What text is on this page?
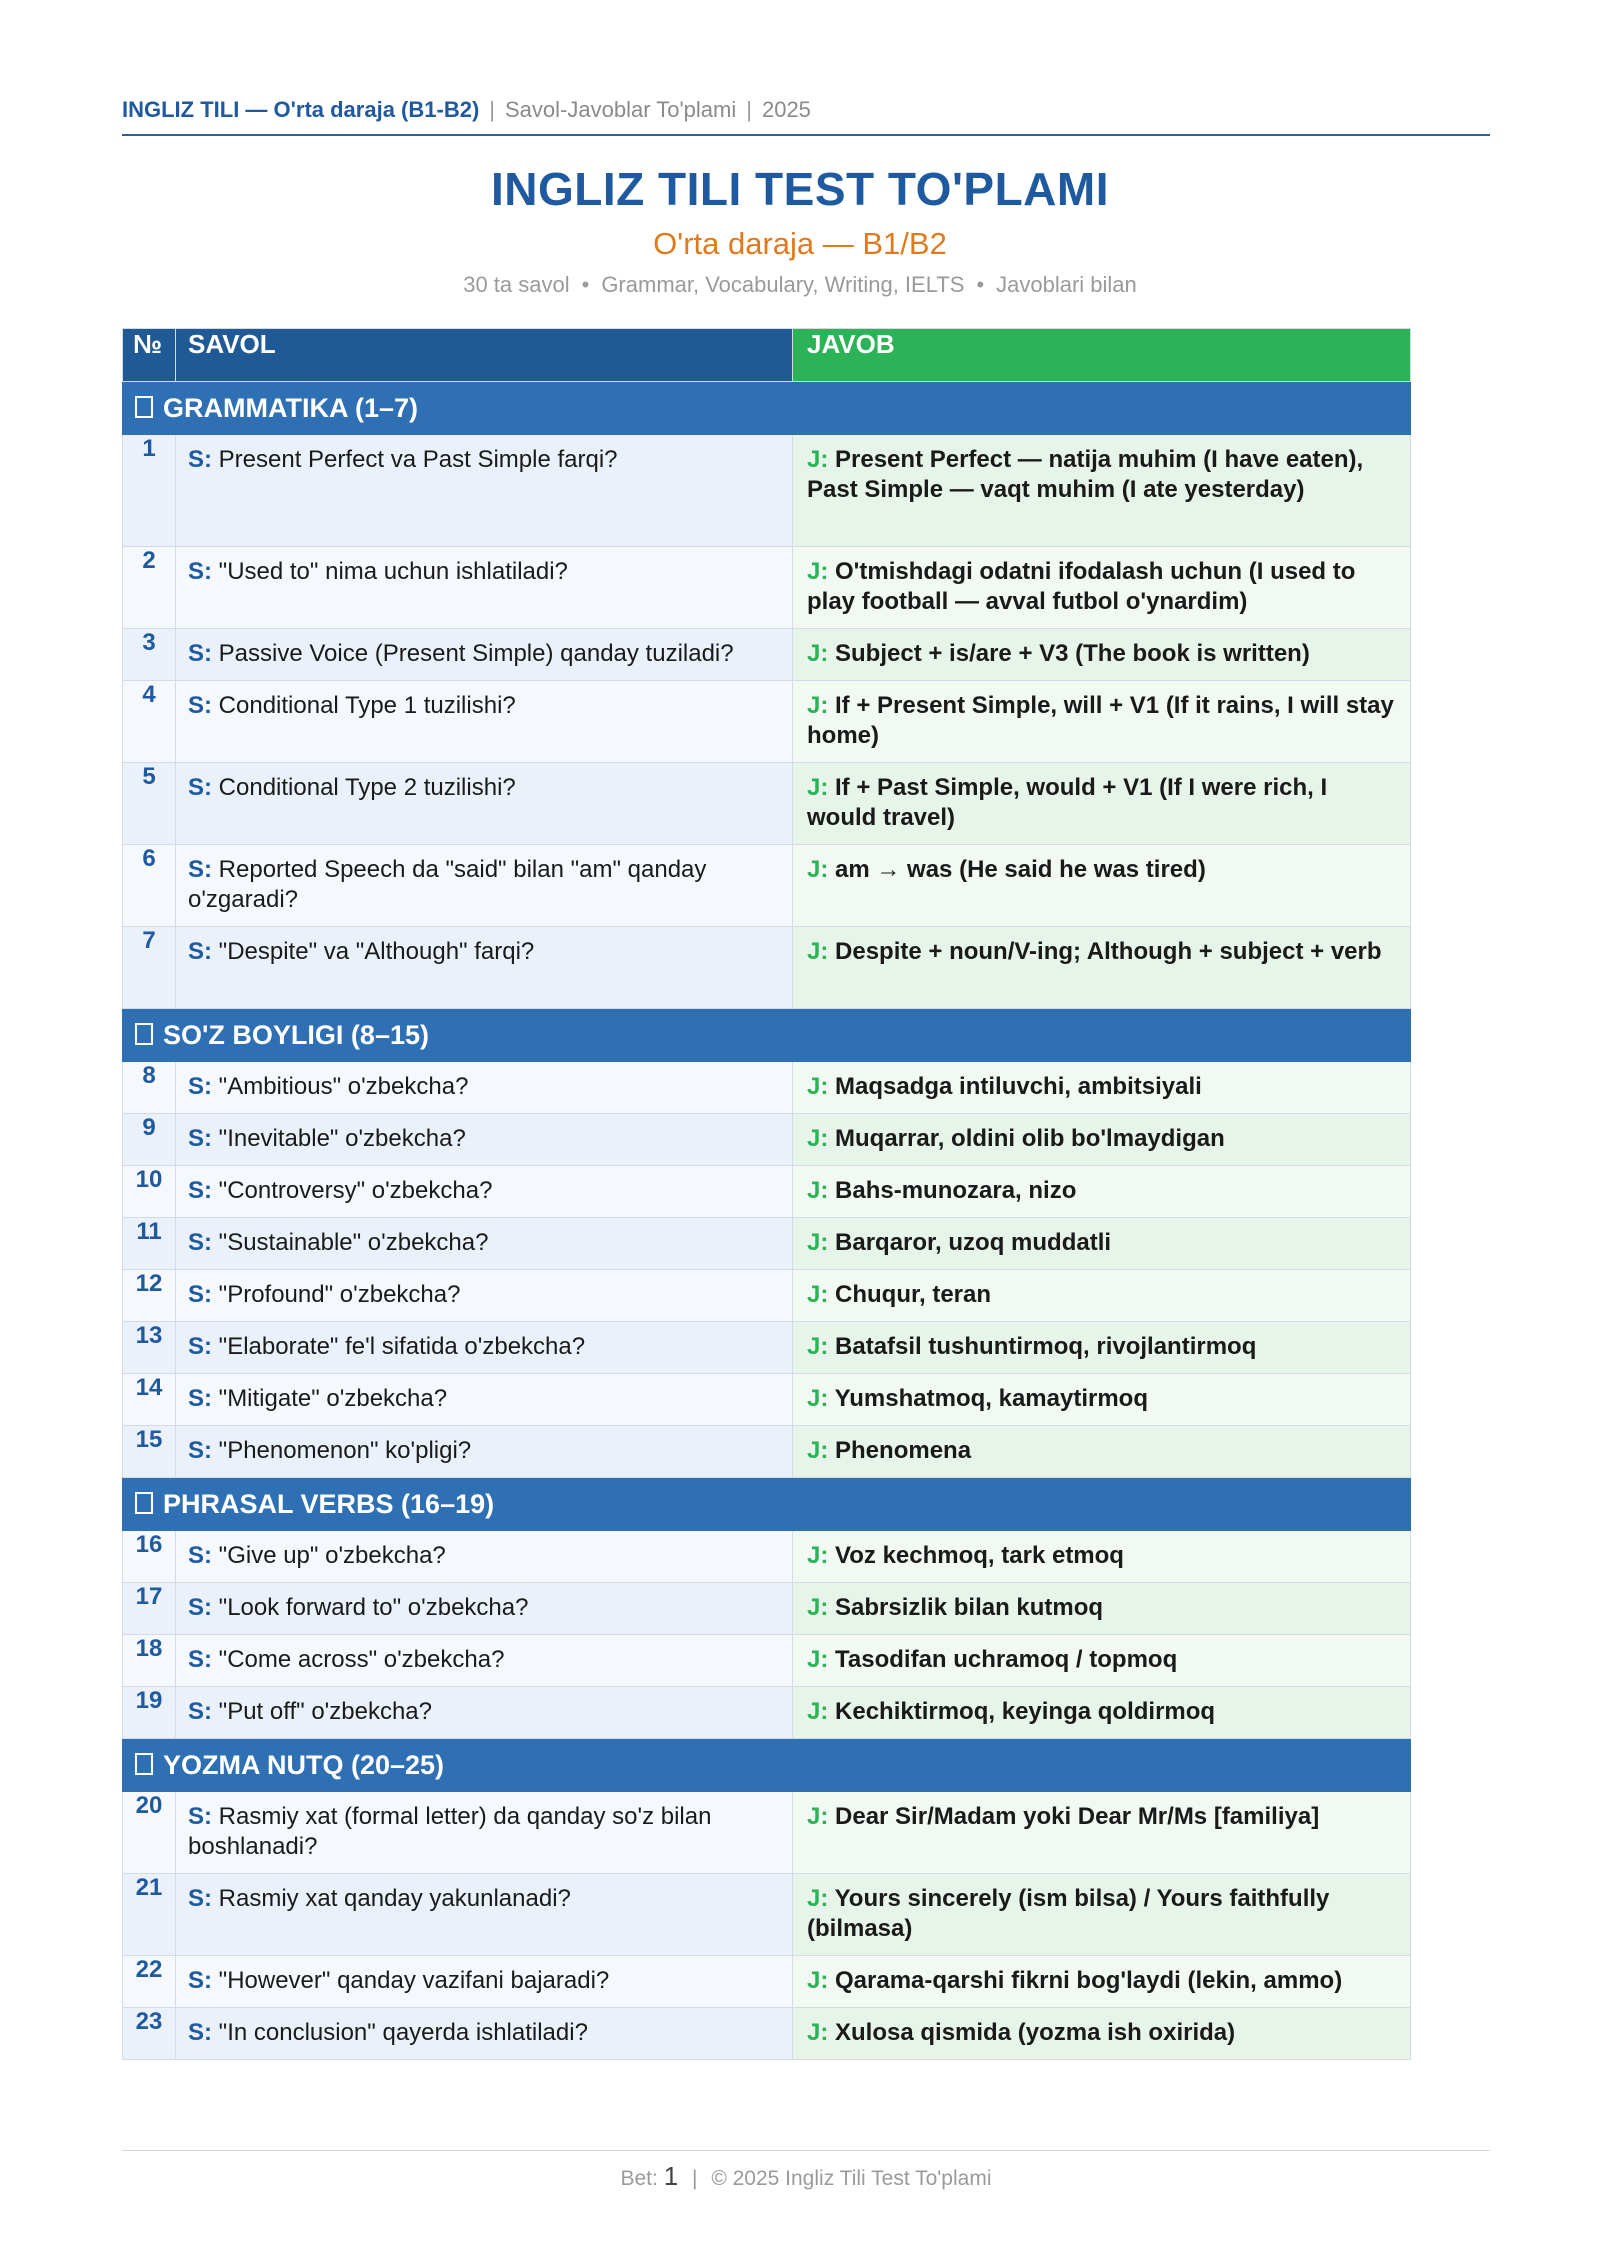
INGLIZ TILI — O'rta daraja (B1-B2) | Savol-Javoblar To'plami | 2025
INGLIZ TILI TEST TO'PLAMI
O'rta daraja — B1/B2
30 ta savol • Grammar, Vocabulary, Writing, IELTS • Javoblari bilan
№	SAVOL	JAVOB
GRAMMATIKA (1–7)		
1	S: Present Perfect va Past Simple farqi?	J: Present Perfect — natija muhim (I have eaten), Past Simple — vaqt muhim (I ate yesterday)
2	S: "Used to" nima uchun ishlatiladi?	J: O'tmishdagi odatni ifodalash uchun (I used to play football — avval futbol o'ynardim)
3	S: Passive Voice (Present Simple) qanday tuziladi?	J: Subject + is/are + V3 (The book is written)
4	S: Conditional Type 1 tuzilishi?	J: If + Present Simple, will + V1 (If it rains, I will stay home)
5	S: Conditional Type 2 tuzilishi?	J: If + Past Simple, would + V1 (If I were rich, I would travel)
6	S: Reported Speech da "said" bilan "am" qanday o'zgaradi?	J: am → was (He said he was tired)
7	S: "Despite" va "Although" farqi?	J: Despite + noun/V-ing; Although + subject + verb
SO'Z BOYLIGI (8–15)		
8	S: "Ambitious" o'zbekcha?	J: Maqsadga intiluvchi, ambitsiyali
9	S: "Inevitable" o'zbekcha?	J: Muqarrar, oldini olib bo'lmaydigan
10	S: "Controversy" o'zbekcha?	J: Bahs-munozara, nizo
11	S: "Sustainable" o'zbekcha?	J: Barqaror, uzoq muddatli
12	S: "Profound" o'zbekcha?	J: Chuqur, teran
13	S: "Elaborate" fe'l sifatida o'zbekcha?	J: Batafsil tushuntirmoq, rivojlantirmoq
14	S: "Mitigate" o'zbekcha?	J: Yumshatmoq, kamaytirmoq
15	S: "Phenomenon" ko'pligi?	J: Phenomena
PHRASAL VERBS (16–19)		
16	S: "Give up" o'zbekcha?	J: Voz kechmoq, tark etmoq
17	S: "Look forward to" o'zbekcha?	J: Sabrsizlik bilan kutmoq
18	S: "Come across" o'zbekcha?	J: Tasodifan uchramoq / topmoq
19	S: "Put off" o'zbekcha?	J: Kechiktirmoq, keyinga qoldirmoq
YOZMA NUTQ (20–25)		
20	S: Rasmiy xat (formal letter) da qanday so'z bilan boshlanadi?	J: Dear Sir/Madam yoki Dear Mr/Ms [familiya]
21	S: Rasmiy xat qanday yakunlanadi?	J: Yours sincerely (ism bilsa) / Yours faithfully (bilmasa)
22	S: "However" qanday vazifani bajaradi?	J: Qarama-qarshi fikrni bog'laydi (lekin, ammo)
23	S: "In conclusion" qayerda ishlatiladi?	J: Xulosa qismida (yozma ish oxirida)
Bet: 1 | © 2025 Ingliz Tili Test To'plami
